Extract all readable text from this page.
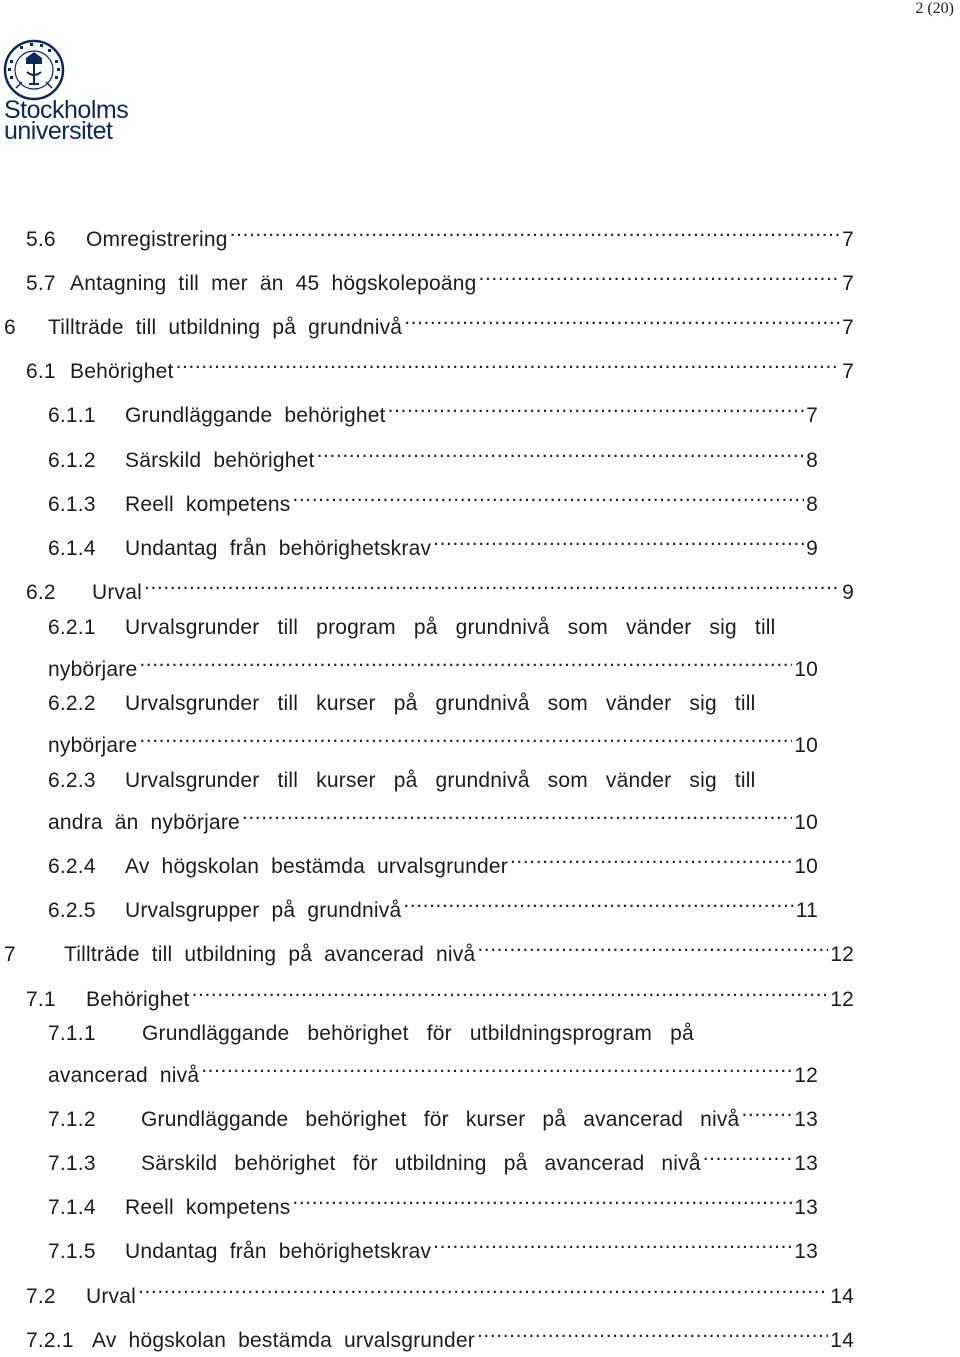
2 (20)
Stockholms
universitet
5.6	Omregistrering .....	7
5.7 Antagning till mer än 45 högskolepoäng .....	7
6	Tillträde till utbildning på grundnivå .....	7
6.1 Behörighet .....	7
6.1.1	Grundläggande behörighet .....	7
6.1.2	Särskild behörighet .....	8
6.1.3	Reell kompetens .....	8
6.1.4	Undantag från behörighetskrav .....	9
6.2	Urval .....	9
6.2.1	Urvalsgrunder till program på grundnivå som vänder sig till
nybörjare .....	10
6.2.2	Urvalsgrunder till kurser på grundnivå som vänder sig till
nybörjare .....	10
6.2.3	Urvalsgrunder till kurser på grundnivå som vänder sig till
andra än nybörjare .....	10
6.2.4	Av högskolan bestämda urvalsgrunder .....	10
6.2.5	Urvalsgrupper på grundnivå .....	11
7	Tillträde till utbildning på avancerad nivå .....	12
7.1	Behörighet .....	12
7.1.1	Grundläggande behörighet för utbildningsprogram på
avancerad nivå .....	12
7.1.2	Grundläggande behörighet för kurser på avancerad nivå .....	13
7.1.3	Särskild behörighet för utbildning på avancerad nivå .....	13
7.1.4	Reell kompetens .....	13
7.1.5	Undantag från behörighetskrav .....	13
7.2	Urval .....	14
7.2.1 Av högskolan bestämda urvalsgrunder .....	14
